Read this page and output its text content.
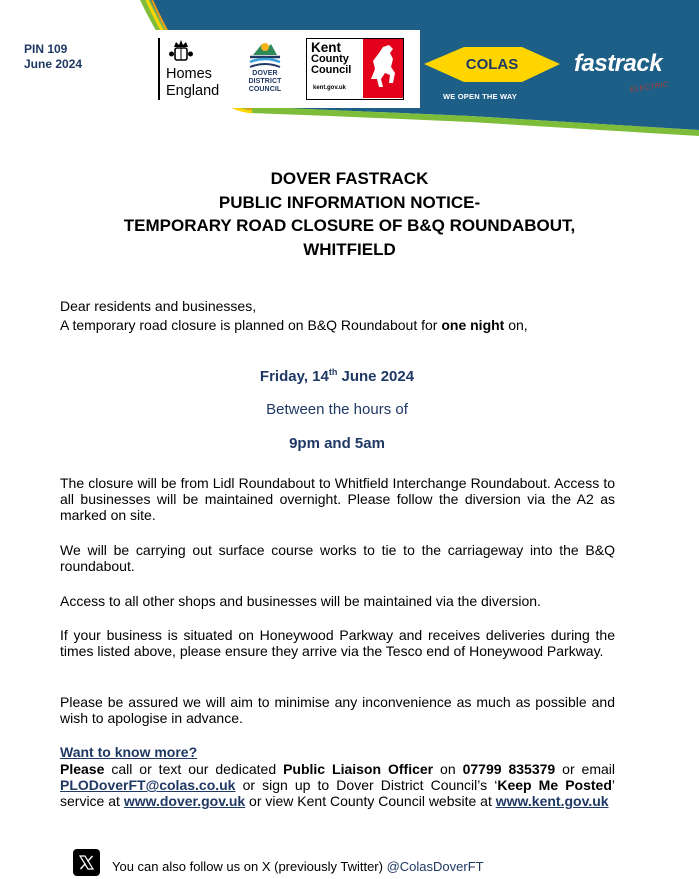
COLAS
PIN 109
June 2024
Homes
England
DOVER
DISTRICT
COUNCIL
Kent
County
Council
kent.gov.uk
WE OPEN THE WAY
fastrack
ELECTRIC
DOVER FASTRACK
PUBLIC INFORMATION NOTICE-
TEMPORARY ROAD CLOSURE OF B&Q ROUNDABOUT,
WHITFIELD
Dear residents and businesses,
A temporary road closure is planned on B&Q Roundabout for one night on,
Friday, 14th June 2024
Between the hours of
9pm and 5am
The closure will be from Lidl Roundabout to Whitfield Interchange Roundabout. Access to all businesses will be maintained overnight. Please follow the diversion via the A2 as marked on site.
We will be carrying out surface course works to tie to the carriageway into the B&Q roundabout.
Access to all other shops and businesses will be maintained via the diversion.
If your business is situated on Honeywood Parkway and receives deliveries during the times listed above, please ensure they arrive via the Tesco end of Honeywood Parkway.
Please be assured we will aim to minimise any inconvenience as much as possible and wish to apologise in advance.
Want to know more?
Please call or text our dedicated Public Liaison Officer on 07799 835379 or email PLODoverFT@colas.co.uk or sign up to Dover District Council’s ‘Keep Me Posted’ service at www.dover.gov.uk or view Kent County Council website at www.kent.gov.uk
You can also follow us on X (previously Twitter) @ColasDoverFT
